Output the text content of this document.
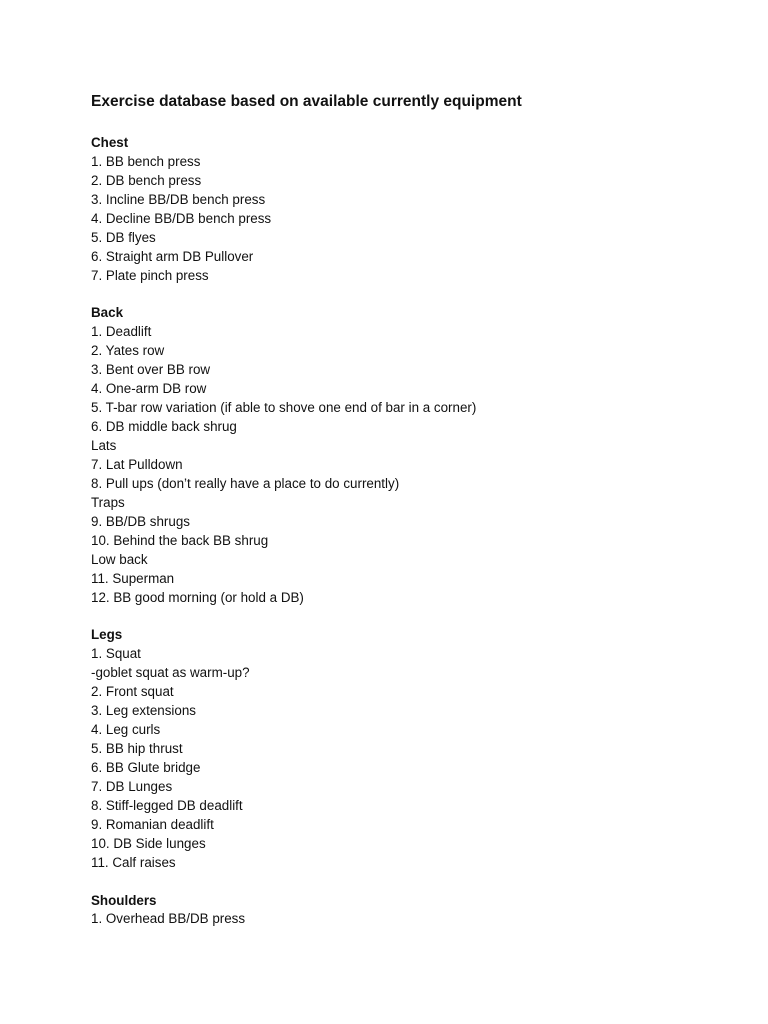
Exercise database based on available currently equipment
Chest
1. BB bench press
2. DB bench press
3. Incline BB/DB bench press
4. Decline BB/DB bench press
5. DB flyes
6. Straight arm DB Pullover
7. Plate pinch press
Back
1. Deadlift
2. Yates row
3. Bent over BB row
4. One-arm DB row
5. T-bar row variation (if able to shove one end of bar in a corner)
6. DB middle back shrug
Lats
7. Lat Pulldown
8. Pull ups (don’t really have a place to do currently)
Traps
9. BB/DB shrugs
10. Behind the back BB shrug
Low back
11. Superman
12. BB good morning (or hold a DB)
Legs
1. Squat
-goblet squat as warm-up?
2. Front squat
3. Leg extensions
4. Leg curls
5. BB hip thrust
6. BB Glute bridge
7. DB Lunges
8. Stiff-legged DB deadlift
9. Romanian deadlift
10. DB Side lunges
11. Calf raises
Shoulders
1. Overhead BB/DB press
